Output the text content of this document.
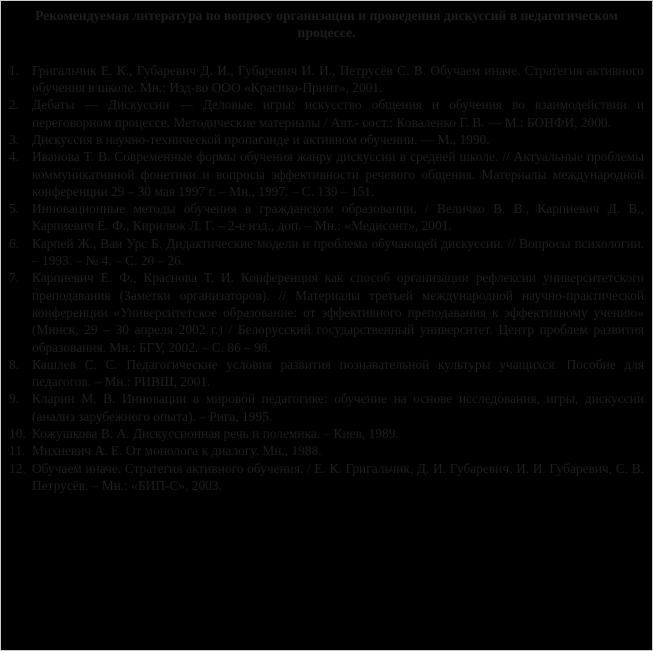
Рекомендуемая литература по вопросу организации и проведения дискуссий в педагогическом процессе.
1. Григальчик Е. К., Губаревич Д. И., Губаревич И. И., Петрусёв С. В. Обучаем иначе. Стратегия активного обучения в школе. Мн.: Изд-во ООО «Красико-Принт», 2001.
2. Дебаты — Дискуссии — Деловые игры: искусство общения и обучения во взаимодействии и переговорном процессе. Методические материалы / Авт.- сост.: Коваленко Г. В. — М.: БОНФИ, 2000.
3. Дискуссия в научно-технической пропаганде и активном обучении. — М., 1990.
4. Иванова Т. В. Современные формы обучения жанру дискуссии в средней школе. // Актуальные проблемы коммуникативной фонетики и вопросы эффективности речевого общения. Материалы международной конференции 29 – 30 мая 1997 г. – Мн., 1997. – С. 139 – 151.
5. Инновационные методы обучения в гражданском образовании. / Величко В. В., Карпиевич Д. В., Карпиевич Е. Ф., Кирилюк Л. Г. – 2-е изд., доп. – Мн.: «Медисонт», 2001.
6. Карпей Ж., Ван Урс Б. Дидактические модели и проблема обучающей дискуссии. // Вопросы психологии. – 1993. – № 4. – С. 20 – 26.
7. Карпиевич Е. Ф., Краснова Т. И. Конференция как способ организации рефлексии университетского преподавания (Заметки организаторов). // Материалы третьей международной научно-практической конференции «Университетское образование: от эффективного преподавания к эффективному учению» (Минск, 29 – 30 апреля 2002 г.) / Белорусский государственный университет. Центр проблем развития образования. Мн.: БГУ, 2002. – С. 86 – 98.
8. Кашлев С. С. Педагогические условия развития познавательной культуры учащихся. Пособие для педагогов. – Мн.: РИВШ, 2001.
9. Кларин М. В. Инновации в мировой педагогике: обучение на основе исследования, игры, дискуссии (анализ зарубежного опыта). – Рига, 1995.
10. Кожушкова В. А. Дискуссионная речь и полемика. – Киев, 1989.
11. Михневич А. Е. От монолога к диалогу. Мн., 1988.
12. Обучаем иначе. Стратегия активного обучения. / Е. К. Григальчик, Д. И. Губаревич, И. И. Губаревич, С. В. Петрусёв. – Мн.: «БИП-С», 2003.
